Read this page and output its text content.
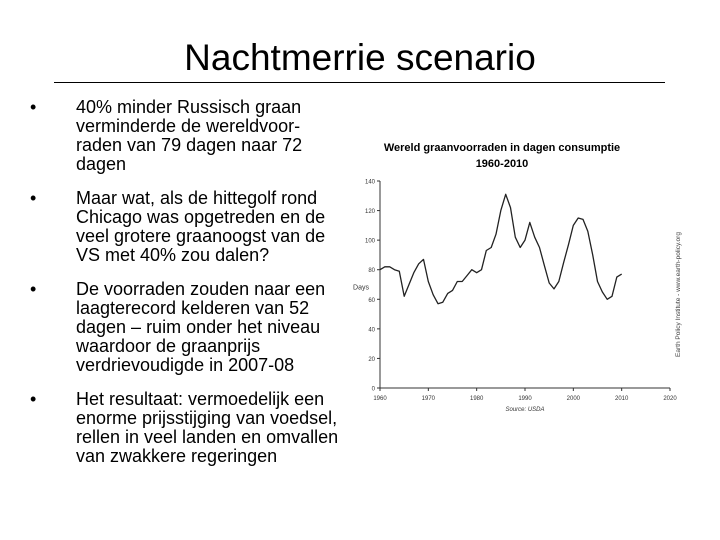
Nachtmerrie scenario
•	40% minder Russisch graan verminderde de wereldvoor-raden van 79 dagen naar 72 dagen
•	Maar wat, als de hittegolf rond Chicago was opgetreden en de veel grotere graanoogst van de VS met 40% zou dalen?
•	De voorraden zouden naar een laagterecord kelderen van 52 dagen – ruim onder het niveau waardoor de graanprijs verdrievoudigde in 2007-08
•	Het resultaat: vermoedelijk een enorme prijsstijging van voedsel, rellen in veel landen en omvallen van zwakkere regeringen
Wereld graanvoorraden in dagen consumptie
1960-2010
0
20
40
60
80
100
120
140
1960	1970	1980	1990	2000	2010	2020
Days
Source: USDA
Earth Policy Institute - www.earth-policy.org
